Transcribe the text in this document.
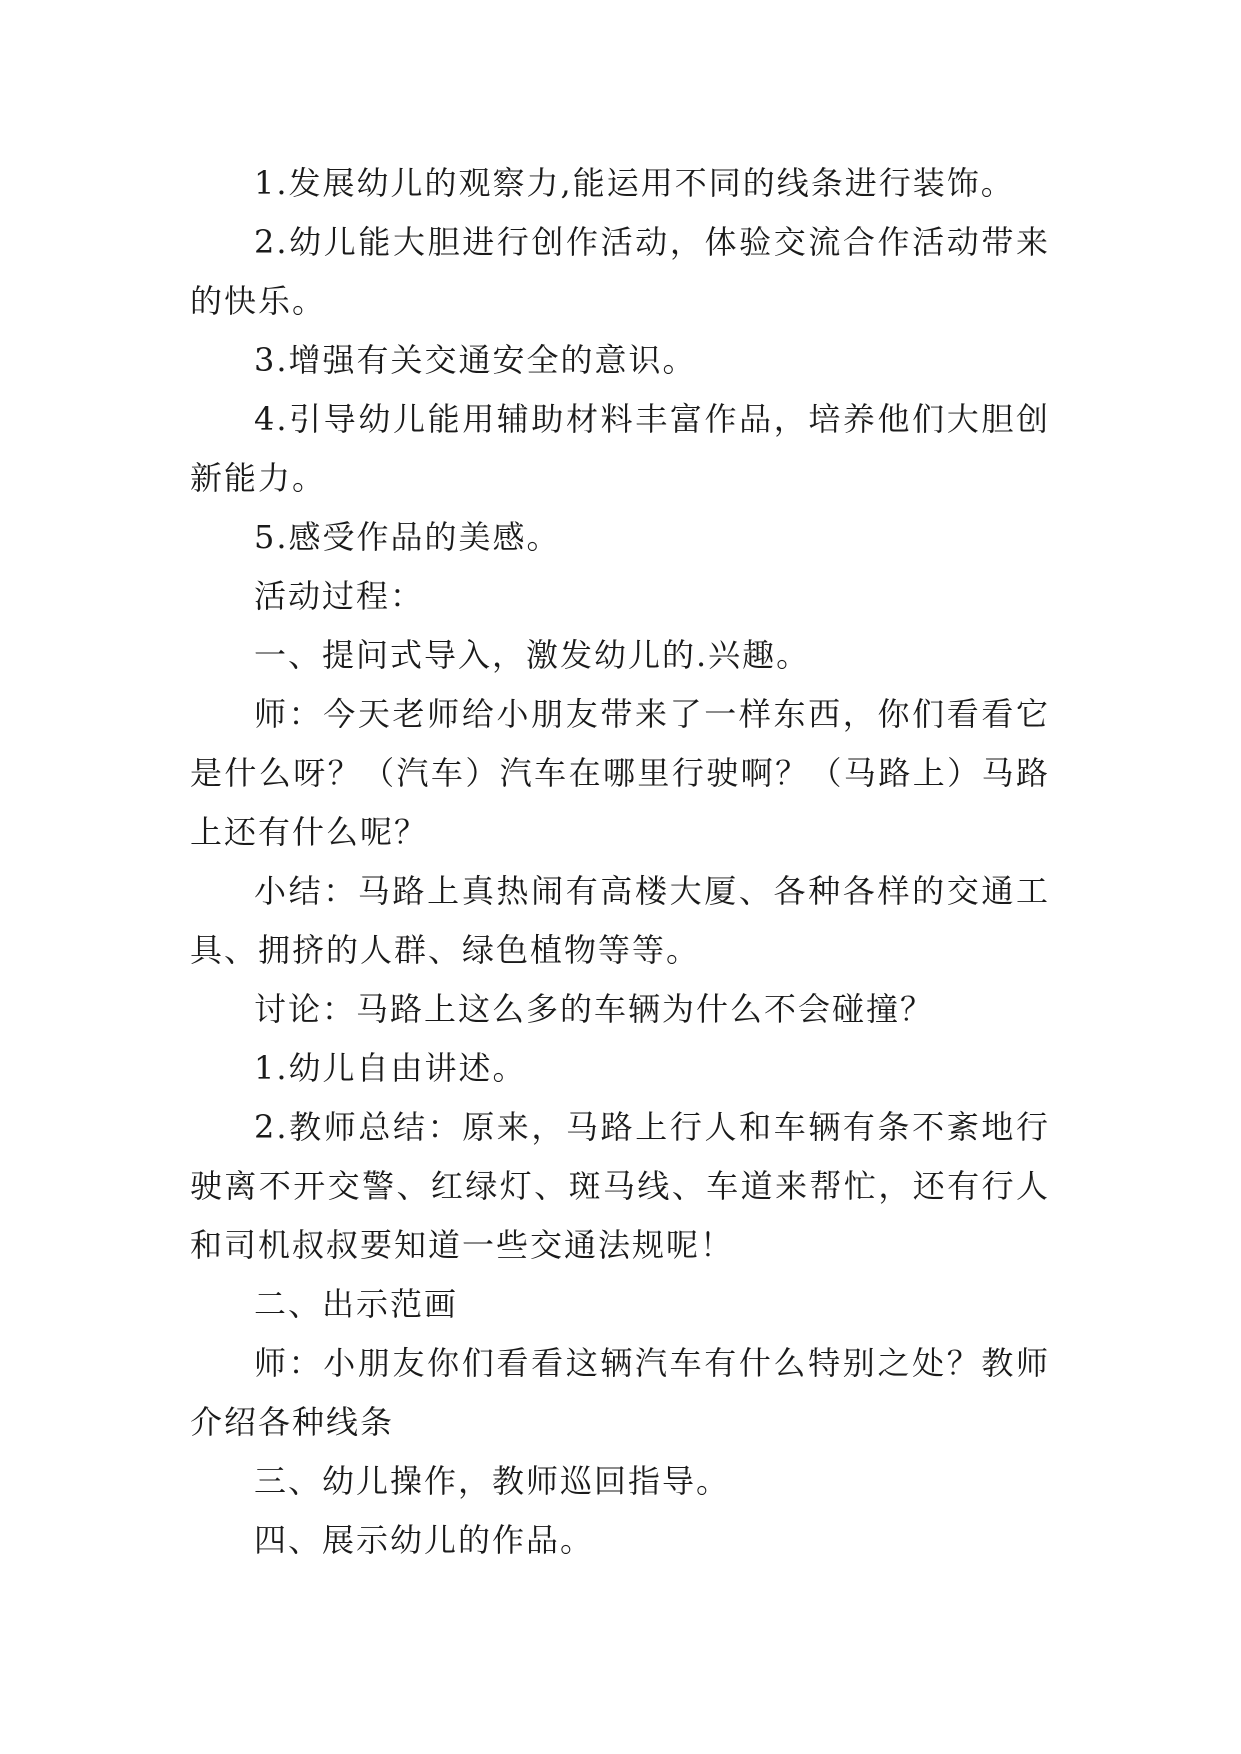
1.发展幼儿的观察力,能运用不同的线条进行装饰。

2.幼儿能大胆进行创作活动，体验交流合作活动带来的快乐。

3.增强有关交通安全的意识。

4.引导幼儿能用辅助材料丰富作品，培养他们大胆创新能力。

5.感受作品的美感。

活动过程：

一、提问式导入，激发幼儿的.兴趣。

师：今天老师给小朋友带来了一样东西，你们看看它是什么呀？（汽车）汽车在哪里行驶啊？（马路上）马路上还有什么呢？

小结：马路上真热闹有高楼大厦、各种各样的交通工具、拥挤的人群、绿色植物等等。

讨论：马路上这么多的车辆为什么不会碰撞？

1.幼儿自由讲述。

2.教师总结：原来，马路上行人和车辆有条不紊地行驶离不开交警、红绿灯、斑马线、车道来帮忙，还有行人和司机叔叔要知道一些交通法规呢！

二、出示范画

师：小朋友你们看看这辆汽车有什么特别之处？教师介绍各种线条

三、幼儿操作，教师巡回指导。

四、展示幼儿的作品。
